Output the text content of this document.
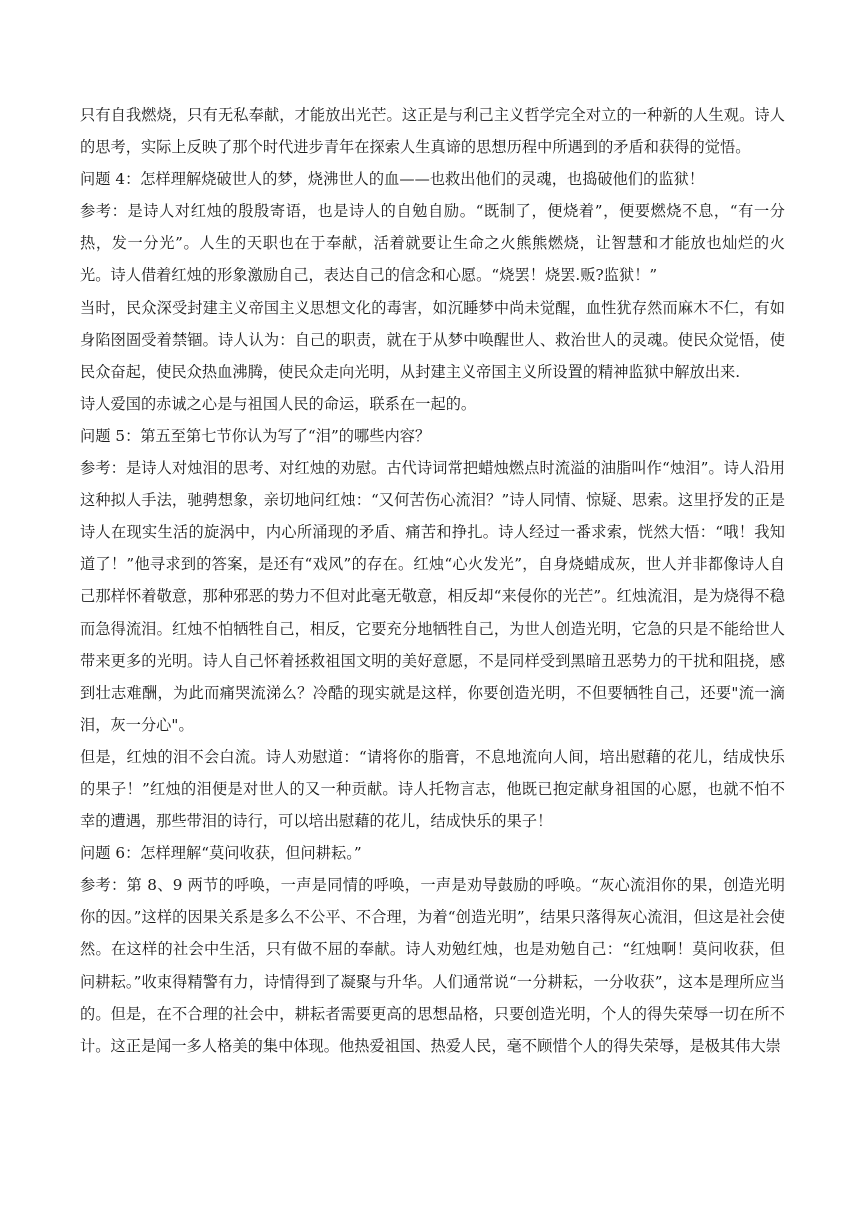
只有自我燃烧，只有无私奉献，才能放出光芒。这正是与利己主义哲学完全对立的一种新的人生观。诗人的思考，实际上反映了那个时代进步青年在探索人生真谛的思想历程中所遇到的矛盾和获得的觉悟。

问题 4：怎样理解烧破世人的梦，烧沸世人的血——也救出他们的灵魂，也捣破他们的监狱！

参考：是诗人对红烛的殷殷寄语，也是诗人的自勉自励。“既制了，便烧着”，便要燃烧不息，“有一分热，发一分光”。人生的天职也在于奉献，活着就要让生命之火熊熊燃烧，让智慧和才能放也灿烂的火光。诗人借着红烛的形象激励自己，表达自己的信念和心愿。“烧罢！烧罢.贩?监狱！”

当时，民众深受封建主义帝国主义思想文化的毒害，如沉睡梦中尚未觉醒，血性犹存然而麻木不仁，有如身陷囹圄受着禁锢。诗人认为：自己的职责，就在于从梦中唤醒世人、救治世人的灵魂。使民众觉悟，使民众奋起，使民众热血沸腾，使民众走向光明，从封建主义帝国主义所设置的精神监狱中解放出来.

诗人爱国的赤诚之心是与祖国人民的命运，联系在一起的。

问题 5：第五至第七节你认为写了“泪”的哪些内容？

参考：是诗人对烛泪的思考、对红烛的劝慰。古代诗词常把蜡烛燃点时流溢的油脂叫作“烛泪”。诗人沿用这种拟人手法，驰骋想象，亲切地问红烛：“又何苦伤心流泪？”诗人同情、惊疑、思索。这里抒发的正是诗人在现实生活的旋涡中，内心所涌现的矛盾、痛苦和挣扎。诗人经过一番求索，恍然大悟：“哦！我知道了！”他寻求到的答案，是还有“戏风”的存在。红烛“心火发光”，自身烧蜡成灰，世人并非都像诗人自己那样怀着敬意，那种邪恶的势力不但对此毫无敬意，相反却“来侵你的光芒”。红烛流泪，是为烧得不稳而急得流泪。红烛不怕牺牲自己，相反，它要充分地牺牲自己，为世人创造光明，它急的只是不能给世人带来更多的光明。诗人自己怀着拯救祖国文明的美好意愿，不是同样受到黑暗丑恶势力的干扰和阻挠，感到壮志难酬，为此而痛哭流涕么？冷酷的现实就是这样，你要创造光明，不但要牺牲自己，还要"流一滴泪，灰一分心"。

但是，红烛的泪不会白流。诗人劝慰道：“请将你的脂膏，不息地流向人间，培出慰藉的花儿，结成快乐的果子！”红烛的泪便是对世人的又一种贡献。诗人托物言志，他既已抱定献身祖国的心愿，也就不怕不幸的遭遇，那些带泪的诗行，可以培出慰藉的花儿，结成快乐的果子！

问题 6：怎样理解“莫问收获，但问耕耘。”

参考：第 8、9 两节的呼唤，一声是同情的呼唤，一声是劝导鼓励的呼唤。“灰心流泪你的果，创造光明你的因。”这样的因果关系是多么不公平、不合理，为着“创造光明”，结果只落得灰心流泪，但这是社会使然。在这样的社会中生活，只有做不屈的奉献。诗人劝勉红烛，也是劝勉自己：“红烛啊！莫问收获，但问耕耘。”收束得精警有力，诗情得到了凝聚与升华。人们通常说“一分耕耘，一分收获”，这本是理所应当的。但是，在不合理的社会中，耕耘者需要更高的思想品格，只要创造光明，个人的得失荣辱一切在所不计。这正是闻一多人格美的集中体现。他热爱祖国、热爱人民，毫不顾惜个人的得失荣辱，是极其伟大崇
